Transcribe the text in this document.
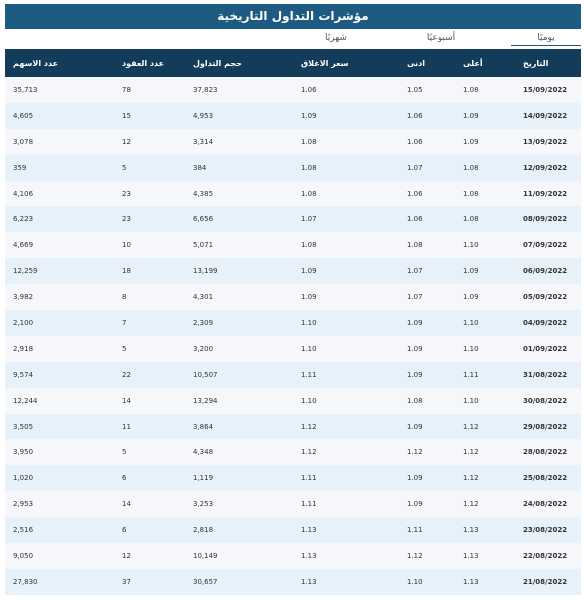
مؤشرات التداول التاريخية
يوميًا
أسبوعيًا
شهريًا
التاريخ	أعلى	ادنى	سعر الاغلاق	حجم التداول	عدد العقود	عدد الاسهم
15/09/2022	1.08	1.05	1.06	37,823	78	35,713
14/09/2022	1.09	1.06	1.09	4,953	15	4,605
13/09/2022	1.09	1.06	1.08	3,314	12	3,078
12/09/2022	1.08	1.07	1.08	384	5	359
11/09/2022	1.08	1.06	1.08	4,385	23	4,106
08/09/2022	1.08	1.06	1.07	6,656	23	6,223
07/09/2022	1.10	1.08	1.08	5,071	10	4,669
06/09/2022	1.09	1.07	1.09	13,199	18	12,259
05/09/2022	1.09	1.07	1.09	4,301	8	3,982
04/09/2022	1.10	1.09	1.10	2,309	7	2,100
01/09/2022	1.10	1.09	1.10	3,200	5	2,918
31/08/2022	1.11	1.09	1.11	10,507	22	9,574
30/08/2022	1.10	1.08	1.10	13,294	14	12,244
29/08/2022	1.12	1.09	1.12	3,864	11	3,505
28/08/2022	1.12	1.12	1.12	4,348	5	3,950
25/08/2022	1.12	1.09	1.11	1,119	6	1,020
24/08/2022	1.12	1.09	1.11	3,253	14	2,953
23/08/2022	1.13	1.11	1.13	2,818	6	2,516
22/08/2022	1.13	1.12	1.13	10,149	12	9,050
21/08/2022	1.13	1.10	1.13	30,657	37	27,830
